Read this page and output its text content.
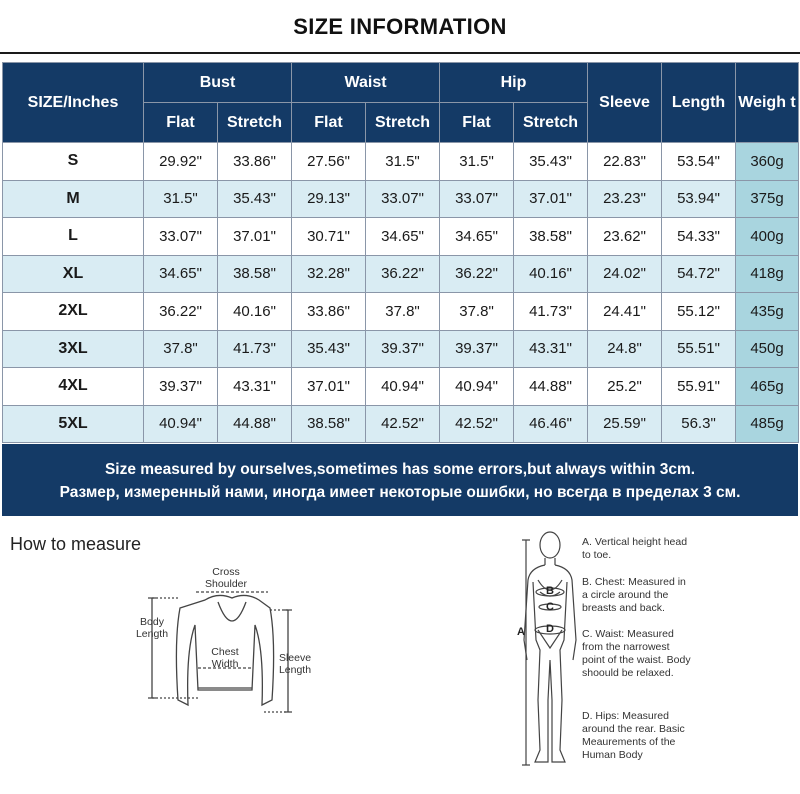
SIZE INFORMATION
SIZE/Inches	Bust		Waist		Hip		Sleeve	Length	Weigh t
	Flat	Stretch	Flat	Stretch	Flat	Stretch			
S	29.92"	33.86"	27.56"	31.5"	31.5"	35.43"	22.83"	53.54"	360g
M	31.5"	35.43"	29.13"	33.07"	33.07"	37.01"	23.23"	53.94"	375g
L	33.07"	37.01"	30.71"	34.65"	34.65"	38.58"	23.62"	54.33"	400g
XL	34.65"	38.58"	32.28"	36.22"	36.22"	40.16"	24.02"	54.72"	418g
2XL	36.22"	40.16"	33.86"	37.8"	37.8"	41.73"	24.41"	55.12"	435g
3XL	37.8"	41.73"	35.43"	39.37"	39.37"	43.31"	24.8"	55.51"	450g
4XL	39.37"	43.31"	37.01"	40.94"	40.94"	44.88"	25.2"	55.91"	465g
5XL	40.94"	44.88"	38.58"	42.52"	42.52"	46.46"	25.59"	56.3"	485g
Size measured by ourselves,sometimes has some errors,but always within 3cm.
Размер, измеренный нами, иногда имеет некоторые ошибки, но всегда в пределах 3 см.
How to measure
Cross Shoulder
Body Length
Chest Width	Sleeve Length
A
B
C
D
A. Vertical height head to toe.
B. Chest: Measured in a circle around the breasts and back.
C. Waist: Measured from the narrowest point of the waist. Body shoould be relaxed.
D. Hips: Measured around the rear. Basic Meaurements of the Human Body
